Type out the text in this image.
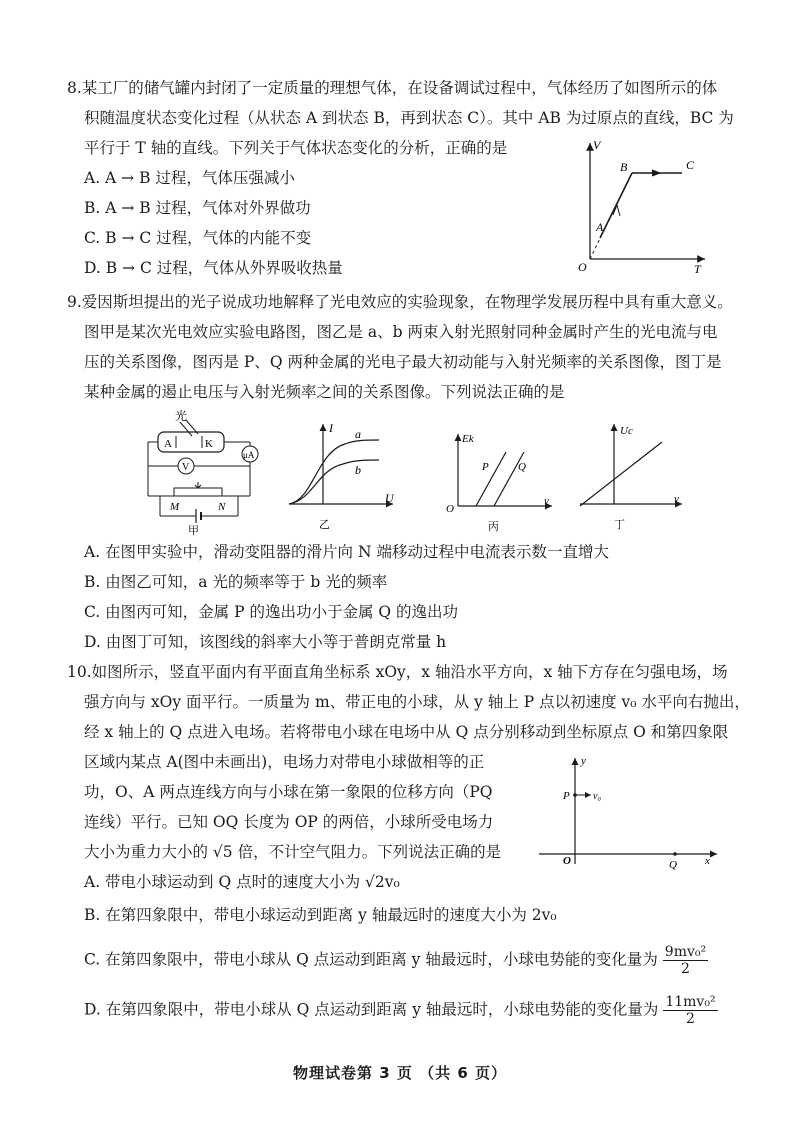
8.某工厂的储气罐内封闭了一定质量的理想气体，在设备调试过程中，气体经历了如图所示的体
积随温度状态变化过程（从状态 A 到状态 B，再到状态 C）。其中 AB 为过原点的直线，BC 为
平行于 T 轴的直线。下列关于气体状态变化的分析，正确的是
A. A → B 过程，气体压强减小
B. A → B 过程，气体对外界做功
C. B → C 过程，气体的内能不变
D. B → C 过程，气体从外界吸收热量
V
T
O
A
B	C
9.爱因斯坦提出的光子说成功地解释了光电效应的实验现象，在物理学发展历程中具有重大意义。
图甲是某次光电效应实验电路图，图乙是 a、b 两束入射光照射同种金属时产生的光电流与电
压的关系图像，图丙是 P、Q 两种金属的光电子最大初动能与入射光频率的关系图像，图丁是
某种金属的遏止电压与入射光频率之间的关系图像。下列说法正确的是
光
A	K
μA
V
M	N
甲
I
U
a
b
乙
Ek
O
ν
P	Q
丙
Uc
ν
丁
A. 在图甲实验中，滑动变阻器的滑片向 N 端移动过程中电流表示数一直增大
B. 由图乙可知，a 光的频率等于 b 光的频率
C. 由图丙可知，金属 P 的逸出功小于金属 Q 的逸出功
D. 由图丁可知，该图线的斜率大小等于普朗克常量 h
10.如图所示，竖直平面内有平面直角坐标系 xOy，x 轴沿水平方向，x 轴下方存在匀强电场，场
强方向与 xOy 面平行。一质量为 m、带正电的小球，从 y 轴上 P 点以初速度 v₀ 水平向右抛出，
经 x 轴上的 Q 点进入电场。若将带电小球在电场中从 Q 点分别移动到坐标原点 O 和第四象限
区域内某点 A(图中未画出)，电场力对带电小球做相等的正
功，O、A 两点连线方向与小球在第一象限的位移方向（PQ
连线）平行。已知 OQ 长度为 OP 的两倍，小球所受电场力
大小为重力大小的 √5 倍，不计空气阻力。下列说法正确的是
y
x
O
P v₀
Q
A. 带电小球运动到 Q 点时的速度大小为 √2v₀
B. 在第四象限中，带电小球运动到距离 y 轴最远时的速度大小为 2v₀
C. 在第四象限中，带电小球从 Q 点运动到距离 y 轴最远时，小球电势能的变化量为 $\frac{\text{9mv₀²}}{2}$
D. 在第四象限中，带电小球从 Q 点运动到距离 y 轴最远时，小球电势能的变化量为 $\frac{\text{11mv₀²}}{2}$
物理试卷第 3 页 （共 6 页）
